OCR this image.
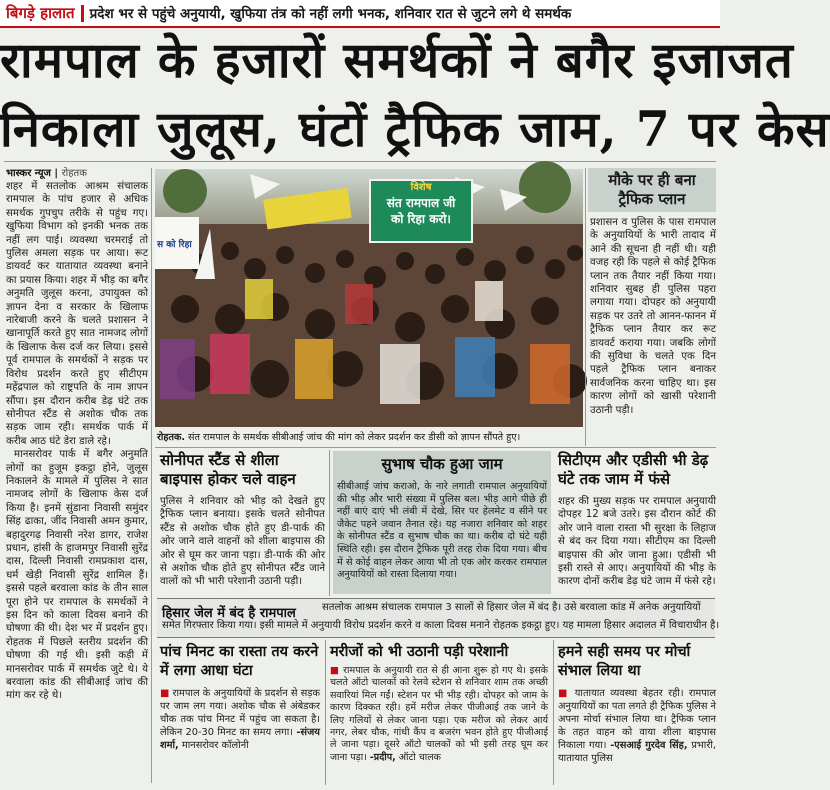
बिगड़े हालात	प्रदेश भर से पहुंचे अनुयायी, खुफिया तंत्र को नहीं लगी भनक, शनिवार रात से जुटने लगे थे समर्थक
रामपाल के हजारों समर्थकों ने बगैर इजाजत
निकाला जुलूस, घंटों ट्रैफिक जाम, 7 पर केस
भास्कर न्यूज | रोहतक
शहर में सतलोक आश्रम संचालक रामपाल के पांच हजार से अधिक समर्थक गुपचुप तरीके से पहुंच गए। खुफिया विभाग को इनकी भनक तक नहीं लग पाई। व्यवस्था चरमराई तो पुलिस अमला सड़क पर आया। रूट डायवर्ट कर यातायात व्यवस्था बनाने का प्रयास किया। शहर में भीड़ का बगैर अनुमति जुलूस करना, उपायुक्त को ज्ञापन देना व सरकार के खिलाफ नारेबाजी करने के चलते प्रशासन ने खानापूर्ति करते हुए सात नामजद लोगों के खिलाफ केस दर्ज कर लिया। इससे पूर्व रामपाल के समर्थकों ने सड़क पर विरोध प्रदर्शन करते हुए सीटीएम महेंद्रपाल को राष्ट्रपति के नाम ज्ञापन सौंपा। इस दौरान करीब डेढ़ घंटे तक सोनीपत स्टैंड से अशोक चौक तक सड़क जाम रही। समर्थक पार्क में करीब आठ घंटे डेरा डाले रहे।
मानसरोवर पार्क में बगैर अनुमति लोगों का हुजूम इकट्ठा होने, जुलूस निकालने के मामले में पुलिस ने सात नामजद लोगों के खिलाफ केस दर्ज किया है। इनमें सुंडाना निवासी समुंदर सिंह ढाका, जींद निवासी अमन कुमार, बहादुरगढ़ निवासी नरेश डागर, राजेश प्रधान, हांसी के हाजमपुर निवासी सुरेंद्र दास, दिल्ली निवासी रामप्रकाश दास, धर्म खेड़ी निवासी सुरेंद्र शामिल हैं। इससे पहले बरवाला कांड के तीन साल पूरा होने पर रामपाल के समर्थकों ने इस दिन को काला दिवस बनाने की घोषणा की थी। देश भर में प्रदर्शन हुए। रोहतक में पिछले स्तरीय प्रदर्शन की घोषणा की गई थी। इसी कड़ी में मानसरोवर पार्क में समर्थक जुटे थे। ये बरवाला कांड की सीबीआई जांच की मांग कर रहे थे।
विशेष
संत रामपाल जी
को रिहा करो।
स को रिहा
रोहतक. संत रामपाल के समर्थक सीबीआई जांच की मांग को लेकर प्रदर्शन कर डीसी को ज्ञापन सौंपते हुए।
मौके पर ही बना
ट्रैफिक प्लान
प्रशासन व पुलिस के पास रामपाल के अनुयायियों के भारी तादाद में आने की सूचना ही नहीं थी। यही वजह रही कि पहले से कोई ट्रैफिक प्लान तक तैयार नहीं किया गया। शनिवार सुबह ही पुलिस पहरा लगाया गया। दोपहर को अनुयायी सड़क पर उतरे तो आनन-फानन में ट्रैफिक प्लान तैयार कर रूट डायवर्ट कराया गया। जबकि लोगों की सुविधा के चलते एक दिन पहले ट्रैफिक प्लान बनाकर सार्वजनिक करना चाहिए था। इस कारण लोगों को खासी परेशानी उठानी पड़ी।
सोनीपत स्टैंड से शीला बाइपास होकर चले वाहन
पुलिस ने शनिवार को भीड़ को देखते हुए ट्रैफिक प्लान बनाया। इसके चलते सोनीपत स्टैंड से अशोक चौक होते हुए डी-पार्क की ओर जाने वाले वाहनों को शीला बाइपास की ओर से घूम कर जाना पड़ा। डी-पार्क की ओर से अशोक चौक होते हुए सोनीपत स्टैंड जाने वालों को भी भारी परेशानी उठानी पड़ी।
सुभाष चौक हुआ जाम
सीबीआई जांच कराओ, के नारे लगाती रामपाल अनुयायियों की भीड़ और भारी संख्या में पुलिस बल। भीड़ आगे पीछे ही नहीं बाएं दाएं भी लंबी में देखे, सिर पर हेलमेट व सीने पर जैकेट पहने जवान तैनात रहे। यह नजारा शनिवार को शहर के सोनीपत स्टैंड व सुभाष चौक का था। करीब दो घंटे यही स्थिति रही। इस दौरान ट्रैफिक पूरी तरह रोक दिया गया। बीच में से कोई वाहन लेकर आया भी तो एक ओर करकर रामपाल अनुयायियों को रास्ता दिलाया गया।
सिटीएम और एडीसी भी डेढ़ घंटे तक जाम में फंसे
शहर की मुख्य सड़क पर रामपाल अनुयायी दोपहर 12 बजे उतरे। इस दौरान कोर्ट की ओर जाने वाला रास्ता भी सुरक्षा के लिहाज से बंद कर दिया गया। सीटीएम का दिल्ली बाइपास की ओर जाना हुआ। एडीसी भी इसी रास्ते से आए। अनुयायियों की भीड़ के कारण दोनों करीब डेढ़ घंटे जाम में फंसे रहे।
हिसार जेल में बंद है रामपाल	सतलोक आश्रम संचालक रामपाल 3 सालों से हिसार जेल में बंद है। उसे बरवाला कांड में अनेक अनुयायियों
समेत गिरफ्तार किया गया। इसी मामले में अनुयायी विरोध प्रदर्शन करने व काला दिवस मनाने रोहतक इकट्ठा हुए। यह मामला हिसार अदालत में विचाराधीन है।
पांच मिनट का रास्ता तय करने में लगा आधा घंटा
■ रामपाल के अनुयायियों के प्रदर्शन से सड़क पर जाम लग गया। अशोक चौक से अंबेडकर चौक तक पांच मिनट में पहुंच जा सकता है। लेकिन 20-30 मिनट का समय लगा। -संजय शर्मा, मानसरोवर कॉलोनी
मरीजों को भी उठानी पड़ी परेशानी
■ रामपाल के अनुयायी रात से ही आना शुरू हो गए थे। इसके चलते ऑटो चालकों को रेलवे स्टेशन से शनिवार शाम तक अच्छी सवारियां मिल गईं। स्टेशन पर भी भीड़ रही। दोपहर को जाम के कारण दिक्कत रही। हमें मरीज लेकर पीजीआई तक जाने के लिए गलियों से लेकर जाना पड़ा। एक मरीज को लेकर आर्य नगर, लेबर चौक, गांधी कैंप व बजरंग भवन होते हुए पीजीआई ले जाना पड़ा। दूसरे ऑटो चालकों को भी इसी तरह घूम कर जाना पड़ा। -प्रदीप, ऑटो चालक
हमने सही समय पर मोर्चा संभाल लिया था
■ यातायात व्यवस्था बेहतर रही। रामपाल अनुयायियों का पता लगते ही ट्रैफिक पुलिस ने अपना मोर्चा संभाल लिया था। ट्रैफिक प्लान के तहत वाहन को वाया शीला बाइपास निकाला गया। -एसआई गुरदेव सिंह, प्रभारी, यातायात पुलिस
